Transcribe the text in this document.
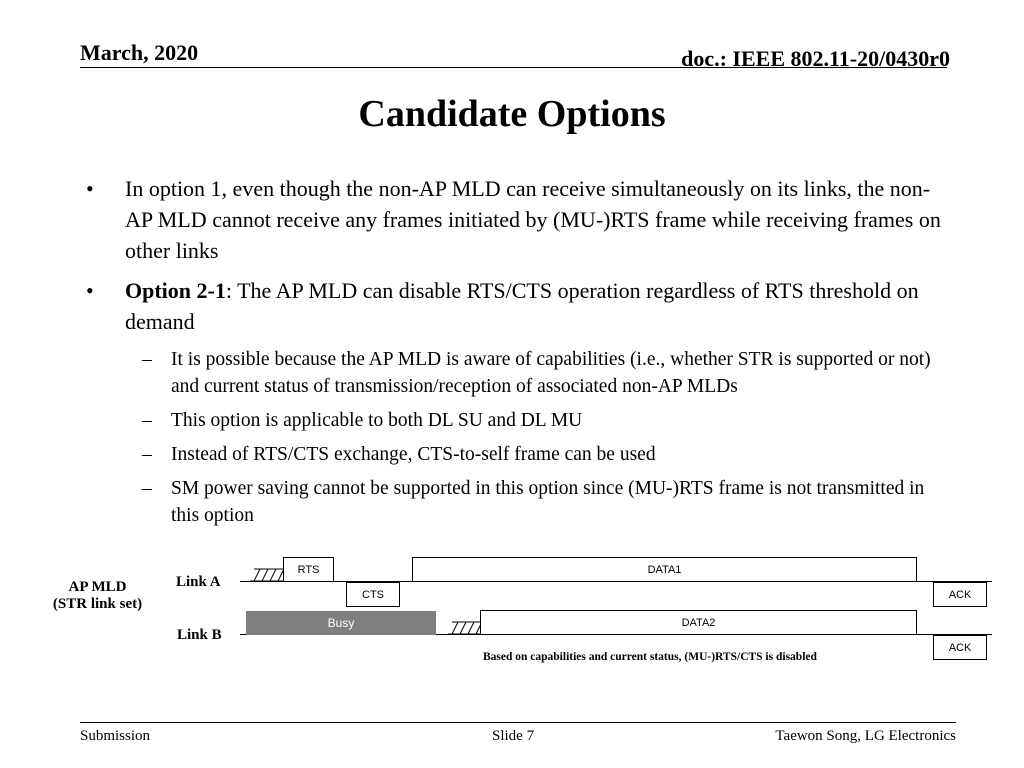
March, 2020	doc.: IEEE 802.11-20/0430r0
Candidate Options
• In option 1, even though the non-AP MLD can receive simultaneously on its links, the non-AP MLD cannot receive any frames initiated by (MU-)RTS frame while receiving frames on other links
• Option 2-1: The AP MLD can disable RTS/CTS operation regardless of RTS threshold on demand
– It is possible because the AP MLD is aware of capabilities (i.e., whether STR is supported or not) and current status of transmission/reception of associated non-AP MLDs
– This option is applicable to both DL SU and DL MU
– Instead of RTS/CTS exchange, CTS-to-self frame can be used
– SM power saving cannot be supported in this option since (MU-)RTS frame is not transmitted in this option
AP MLD
(STR link set)
Link A
Link B
RTS	DATA1
CTS	ACK
Busy	DATA2
ACK
Based on capabilities and current status, (MU-)RTS/CTS is disabled
Submission	Slide 7	Taewon Song, LG Electronics
